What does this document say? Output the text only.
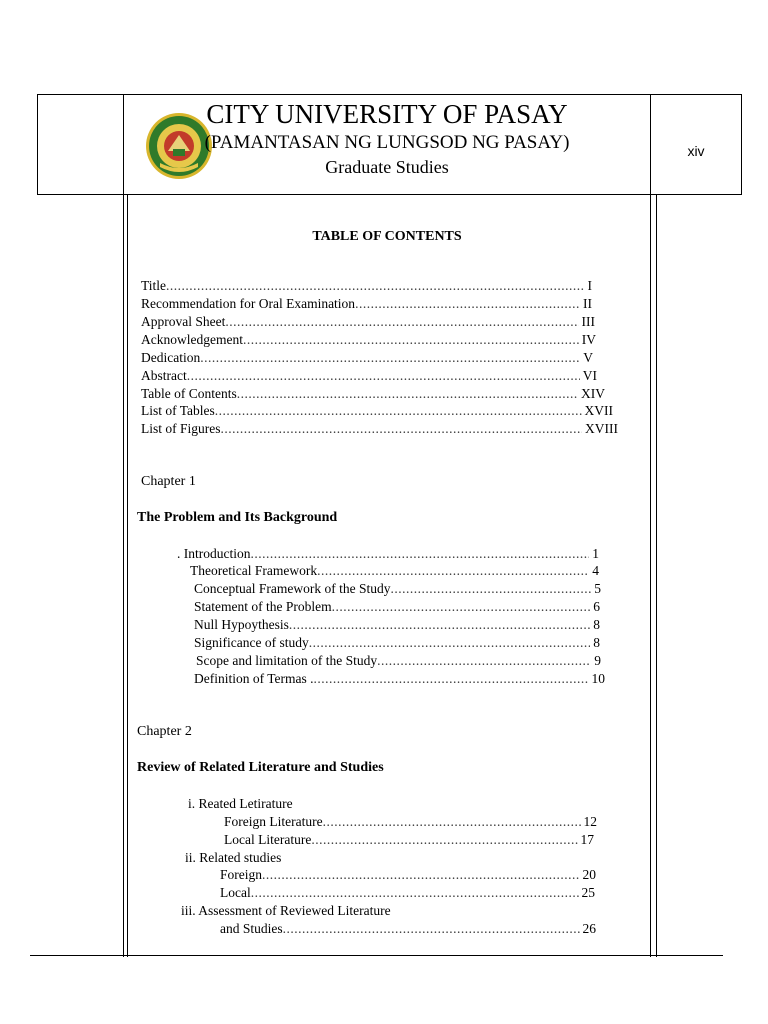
CITY UNIVERSITY OF PASAY
(PAMANTASAN NG LUNGSOD NG PASAY)
Graduate Studies
xiv
TABLE OF CONTENTS
Title .....	I
Recommendation for Oral Examination .....	II
Approval Sheet .....	III
Acknowledgement .....	IV
Dedication .....	V
Abstract .....	VI
Table of Contents .....	XIV
List of Tables .....	XVII
List of Figures .....	XVIII
Chapter 1
The Problem and Its Background
. Introduction .....	1
Theoretical Framework .....	4
Conceptual Framework of the Study .....	5
Statement of the Problem .....	6
Null Hypoythesis .....	8
Significance of study .....	8
Scope and limitation of the Study .....	9
Definition of Termas . .....	10
Chapter 2
Review of Related Literature and Studies
i. Reated Letirature
Foreign Literature .....	12
Local Literature .....	17
ii. Related studies
Foreign .....	20
Local .....	25
iii. Assessment of Reviewed Literature
and Studies .....	26
